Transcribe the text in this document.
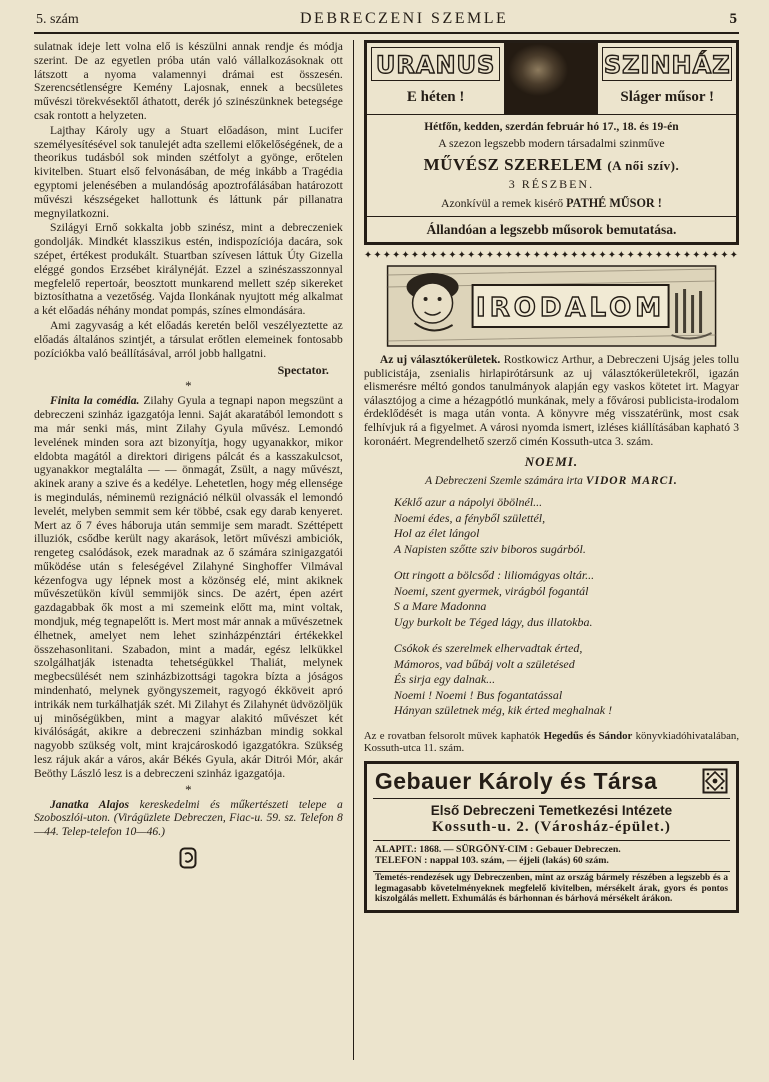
5. szám	DEBRECZENI SZEMLE	5

sulatnak ideje lett volna elő is készülni annak rendje és módja szerint. De az egyetlen próba után való vállalkozásoknak ott látszott a nyoma valamennyi drámai est összesén. Szerencsétlenségre Kemény Lajosnak, ennek a becsületes művészi törekvésektől áthatott, derék jó szinészünknek betegsége csak rontott a helyzeten.

Lajthay Károly ugy a Stuart előadáson, mint Lucifer személyesítésével sok tanulejét adta szellemi előkelőségének, de a theorikus tudásból sok minden szétfolyt a gyönge, erőtelen kivitelben. Stuart első felvonásában, de még inkább a Tragédia egyptomi jelenésében a mulandóság apoztrofálásában határozott művészi készségeket hallottunk és láttunk pár pillanatra megnyilatkozni.

Szilágyi Ernő sokkalta jobb szinész, mint a debreczeniek gondolják. Mindkét klasszikus estén, indispozíciója dacára, sok szépet, értékest produkált. Stuartban szívesen láttuk Úty Gizella eléggé gondos Erzsébet királynéját. Ezzel a szinészasszonnyal megfelelő repertoár, beosztott munkarend mellett szép sikereket biztosíthatna a vezetőség. Vajda Ilonkának nyujtott még alkalmat a két előadás néhány mondat pompás, színes elmondására.

Ami zagyvaság a két előadás keretén belől veszélyeztette az előadás általános szintjét, a társulat erőtlen elemeinek fontosabb pozíciókba való beállításával, arról jobb hallgatni.

Spectator.
*

Finita la comédia. Zilahy Gyula a tegnapi napon megszünt a debreczeni szinház igazgatója lenni. Saját akaratából lemondott s ma már senki más, mint Zilahy Gyula művész. Lemondó levelének minden sora azt bizonyítja, hogy ugyanakkor, mikor eldobta magától a direktori dirigens pálcát és a kasszakulcsot, ugyanakkor megtalálta — — önmagát, Zsült, a nagy művészt, akinek arany a szive és a kedélye. Lehetetlen, hogy még ellensége is megindulás, néminemü rezignáció nélkül olvassák el lemondó levelét, melyben semmit sem kér többé, csak egy darab kenyeret. Mert az ő 7 éves háboruja után semmije sem maradt. Széttépett illuziók, csődbe került nagy akarások, letört művészi ambiciók, rengeteg csalódások, ezek maradnak az ő számára szinigazgatói működése után s feleségével Zilahyné Singhoffer Vilmával kézenfogva ugy lépnek most a közönség elé, mint akiknek művészetükön kívül semmijök sincs. De azért, épen azért gazdagabbak ők most a mi szemeink előtt ma, mint voltak, mondjuk, még tegnapelőtt is. Mert most már annak a művészetnek élhetnek, amelyet nem lehet szinházpénztári értékekkel összehasonlitani. Szabadon, mint a madár, egész lelkükkel szolgálhatják istenadta tehetségükkel Thaliát, melynek megbecsülését nem szinházbizottsági tagokra bízta a jóságos mindenható, melynek gyöngyszemeit, ragyogó ékköveit apró intrikák nem turkálhatják szét. Mi Zilahyt és Zilahynét üdvözöljük uj minőségükben, mint a magyar alakitó művészet két kiválóságát, akikre a debreczeni szinházban mindig sokkal nagyobb szükség volt, mint krajcároskodó igazgatókra. Szükség lesz rájuk akár a város, akár Békés Gyula, akár Ditrói Mór, akár Beöthy László lesz is a debreczeni szinház igazgatója.

*

Janatka Alajos kereskedelmi és műkertészeti telepe a Szoboszlói-uton. (Virágüzlete Debreczen, Fiac-u. 59. sz. Telefon 8—44. Telep-telefon 10—46.)

URANUS
E héten !
SZINHÁZ
Sláger műsor !
Hétfőn, kedden, szerdán február hó 17., 18. és 19-én
A szezon legszebb modern társadalmi szinműve
MŰVÉSZ SZERELEM (A női szív).
3 RÉSZBEN.
Azonkívül a remek kisérő PATHÉ MŰSOR !
Állandóan a legszebb műsorok bemutatása.
✦✦✦✦✦✦✦✦✦✦✦✦✦✦✦✦✦✦✦✦✦✦✦✦✦✦✦✦✦✦✦✦✦✦✦✦✦✦✦✦
IRODALOM

Az uj választókerületek. Rostkowicz Arthur, a Debreczeni Ujság jeles tollu publicistája, zsenialis hirlapirótársunk az uj választókerületekről, igazán elismerésre méltó gondos tanulmányok alapján egy vaskos kötetet irt. Magyar választójog a cime a hézagpótló munkának, mely a fővárosi publicista-irodalom érdeklődését is maga után vonta. A könyvre még visszatérünk, most csak felhívjuk rá a figyelmet. A városi nyomda ismert, izléses kiállításában kapható 3 koronáért. Megrendelhető szerző cimén Kossuth-utca 3. szám.

NOEMI.
A Debreczeni Szemle számára irta VIDOR MARCI.
Kéklő azur a nápolyi öbölnél...
Noemi édes, a fényből születtél,
Hol az élet lángol
A Napisten szőtte sziv biboros sugárból.
Ott ringott a bölcsőd : liliomágyas oltár...
Noemi, szent gyermek, virágból fogantál
S a Mare Madonna
Ugy burkolt be Téged lágy, dus illatokba.
Csókok és szerelmek elhervadtak érted,
Mámoros, vad bűbáj volt a születésed
És sirja egy dalnak...
Noemi ! Noemi ! Bus fogantatással
Hányan születnek még, kik érted meghalnak !

Az e rovatban felsorolt művek kaphatók Hegedűs és Sándor könyvkiadóhivatalában, Kossuth-utca 11. szám.

Gebauer Károly és Társa
Első Debreczeni Temetkezési Intézete
Kossuth-u. 2. (Városház-épület.)
ALAPIT.: 1868. — SÜRGÖNY-CIM : Gebauer Debreczen.
TELEFON : nappal 103. szám, — éjjeli (lakás) 60 szám.
Temetés-rendezések ugy Debreczenben, mint az ország bármely részében a legszebb és a legmagasabb követelményeknek megfelelő kivitelben, mérsékelt árak, gyors és pontos kiszolgálás mellett. Exhumálás és bárhonnan és bárhová mérsékelt árákon.
